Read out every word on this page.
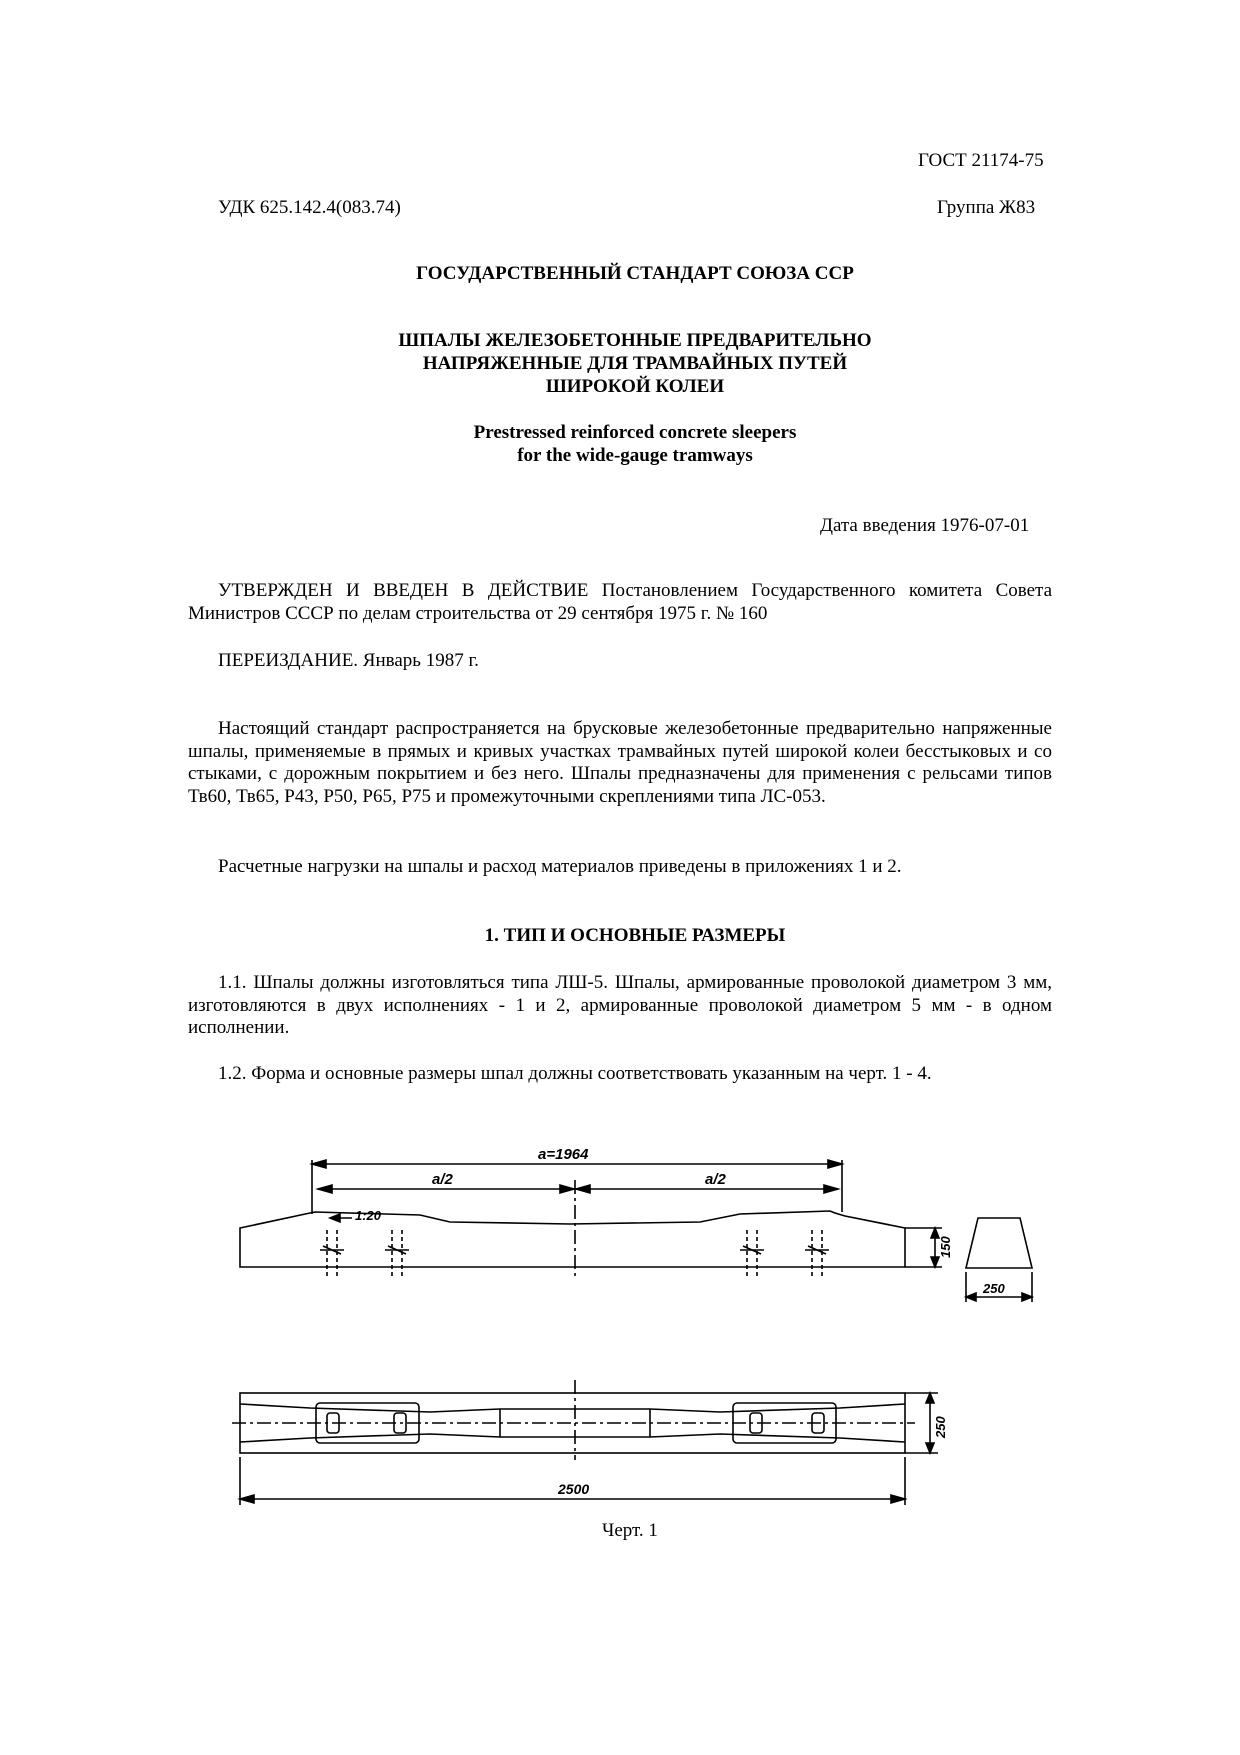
ГОСТ 21174-75
УДК 625.142.4(083.74)	Группа Ж83
ГОСУДАРСТВЕННЫЙ СТАНДАРТ СОЮЗА ССР
ШПАЛЫ ЖЕЛЕЗОБЕТОННЫЕ ПРЕДВАРИТЕЛЬНО
НАПРЯЖЕННЫЕ ДЛЯ ТРАМВАЙНЫХ ПУТЕЙ
ШИРОКОЙ КОЛЕИ
Prestressed reinforced concrete sleepers
for the wide-gauge tramways
Дата введения 1976-07-01
УТВЕРЖДЕН И ВВЕДЕН В ДЕЙСТВИЕ Постановлением Государственного комитета Совета Министров СССР по делам строительства от 29 сентября 1975 г. № 160
ПЕРЕИЗДАНИЕ. Январь 1987 г.
Настоящий стандарт распространяется на брусковые железобетонные предварительно напряженные шпалы, применяемые в прямых и кривых участках трамвайных путей широкой колеи бесстыковых и со стыками, с дорожным покрытием и без него. Шпалы предназначены для применения с рельсами типов Тв60, Тв65, Р43, Р50, Р65, Р75 и промежуточными скреплениями типа ЛС-053.
Расчетные нагрузки на шпалы и расход материалов приведены в приложениях 1 и 2.
1. ТИП И ОСНОВНЫЕ РАЗМЕРЫ
1.1. Шпалы должны изготовляться типа ЛШ-5. Шпалы, армированные проволокой диаметром 3 мм, изготовляются в двух исполнениях - 1 и 2, армированные проволокой диаметром 5 мм - в одном исполнении.
1.2. Форма и основные размеры шпал должны соответствовать указанным на черт. 1 - 4.
a=1964
a/2	a/2
1:20
150
250
250
2500
Черт. 1
